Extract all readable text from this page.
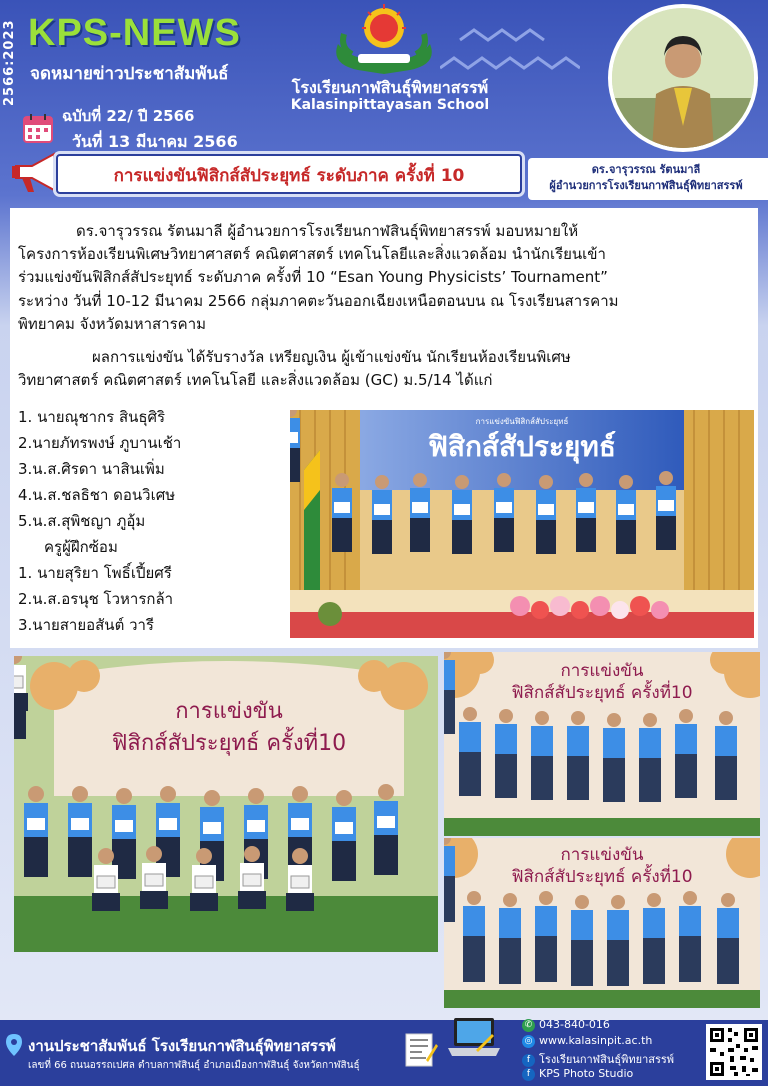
2566:2023 KPS-NEWS
จดหมายข่าวประชาสัมพันธ์
โรงเรียนกาฬสินธุ์พิทยาสรรพ์
Kalasinpittayasan School
ฉบับที่ 22/ ปี 2566
วันที่ 13 มีนาคม 2566
การแข่งขันฟิสิกส์สัประยุทธ์ ระดับภาค ครั้งที่ 10	ดร.จารุวรรณ รัตนมาลี
ผู้อำนวยการโรงเรียนกาฬสินธุ์พิทยาสรรพ์
ดร.จารุวรรณ รัตนมาลี ผู้อำนวยการโรงเรียนกาฬสินธุ์พิทยาสรรพ์ มอบหมายให้
โครงการห้องเรียนพิเศษวิทยาศาสตร์ คณิตศาสตร์ เทคโนโลยีและสิ่งแวดล้อม นำนักเรียนเข้า
ร่วมแข่งขันฟิสิกส์สัประยุทธ์ ระดับภาค ครั้งที่ 10 “Esan Young Physicists’ Tournament”
ระหว่าง วันที่ 10-12 มีนาคม 2566 กลุ่มภาคตะวันออกเฉียงเหนือตอนบน ณ โรงเรียนสารคาม
พิทยาคม จังหวัดมหาสารคาม
ผลการแข่งขัน ได้รับรางวัล เหรียญเงิน ผู้เข้าแข่งขัน นักเรียนห้องเรียนพิเศษ
วิทยาศาสตร์ คณิตศาสตร์ เทคโนโลยี และสิ่งแวดล้อม (GC) ม.5/14 ได้แก่
1. นายณุชากร สินธุศิริ
2.นายภัทรพงษ์ ภูบานเช้า
3.น.ส.ศิรดา นาสินเพิ่ม
4.น.ส.ชลธิชา ดอนวิเศษ
5.น.ส.สุพิชญา ภูอุ้ม
ครูผู้ฝึกซ้อม
1. นายสุริยา โพธิ์เปี้ยศรี
2.น.ส.อรนุช โวหารกล้า
3.นายสายอสันต์ วารี
การแข่งขันฟิสิกส์สัประยุทธ์
ฟิสิกส์สัประยุทธ์
การแข่งขัน
ฟิสิกส์สัประยุทธ์ ครั้งที่10
การแข่งขัน
ฟิสิกส์สัประยุทธ์ ครั้งที่10
การแข่งขัน
ฟิสิกส์สัประยุทธ์ ครั้งที่10
งานประชาสัมพันธ์ โรงเรียนกาฬสินธุ์พิทยาสรรพ์
เลขที่ 66 ถนนอรรถเปศล ตำบลกาฬสินธุ์ อำเภอเมืองกาฬสินธุ์ จังหวัดกาฬสินธุ์
✆ 043-840-016
◎ www.kalasinpit.ac.th
f โรงเรียนกาฬสินธุ์พิทยาสรรพ์
f KPS Photo Studio
